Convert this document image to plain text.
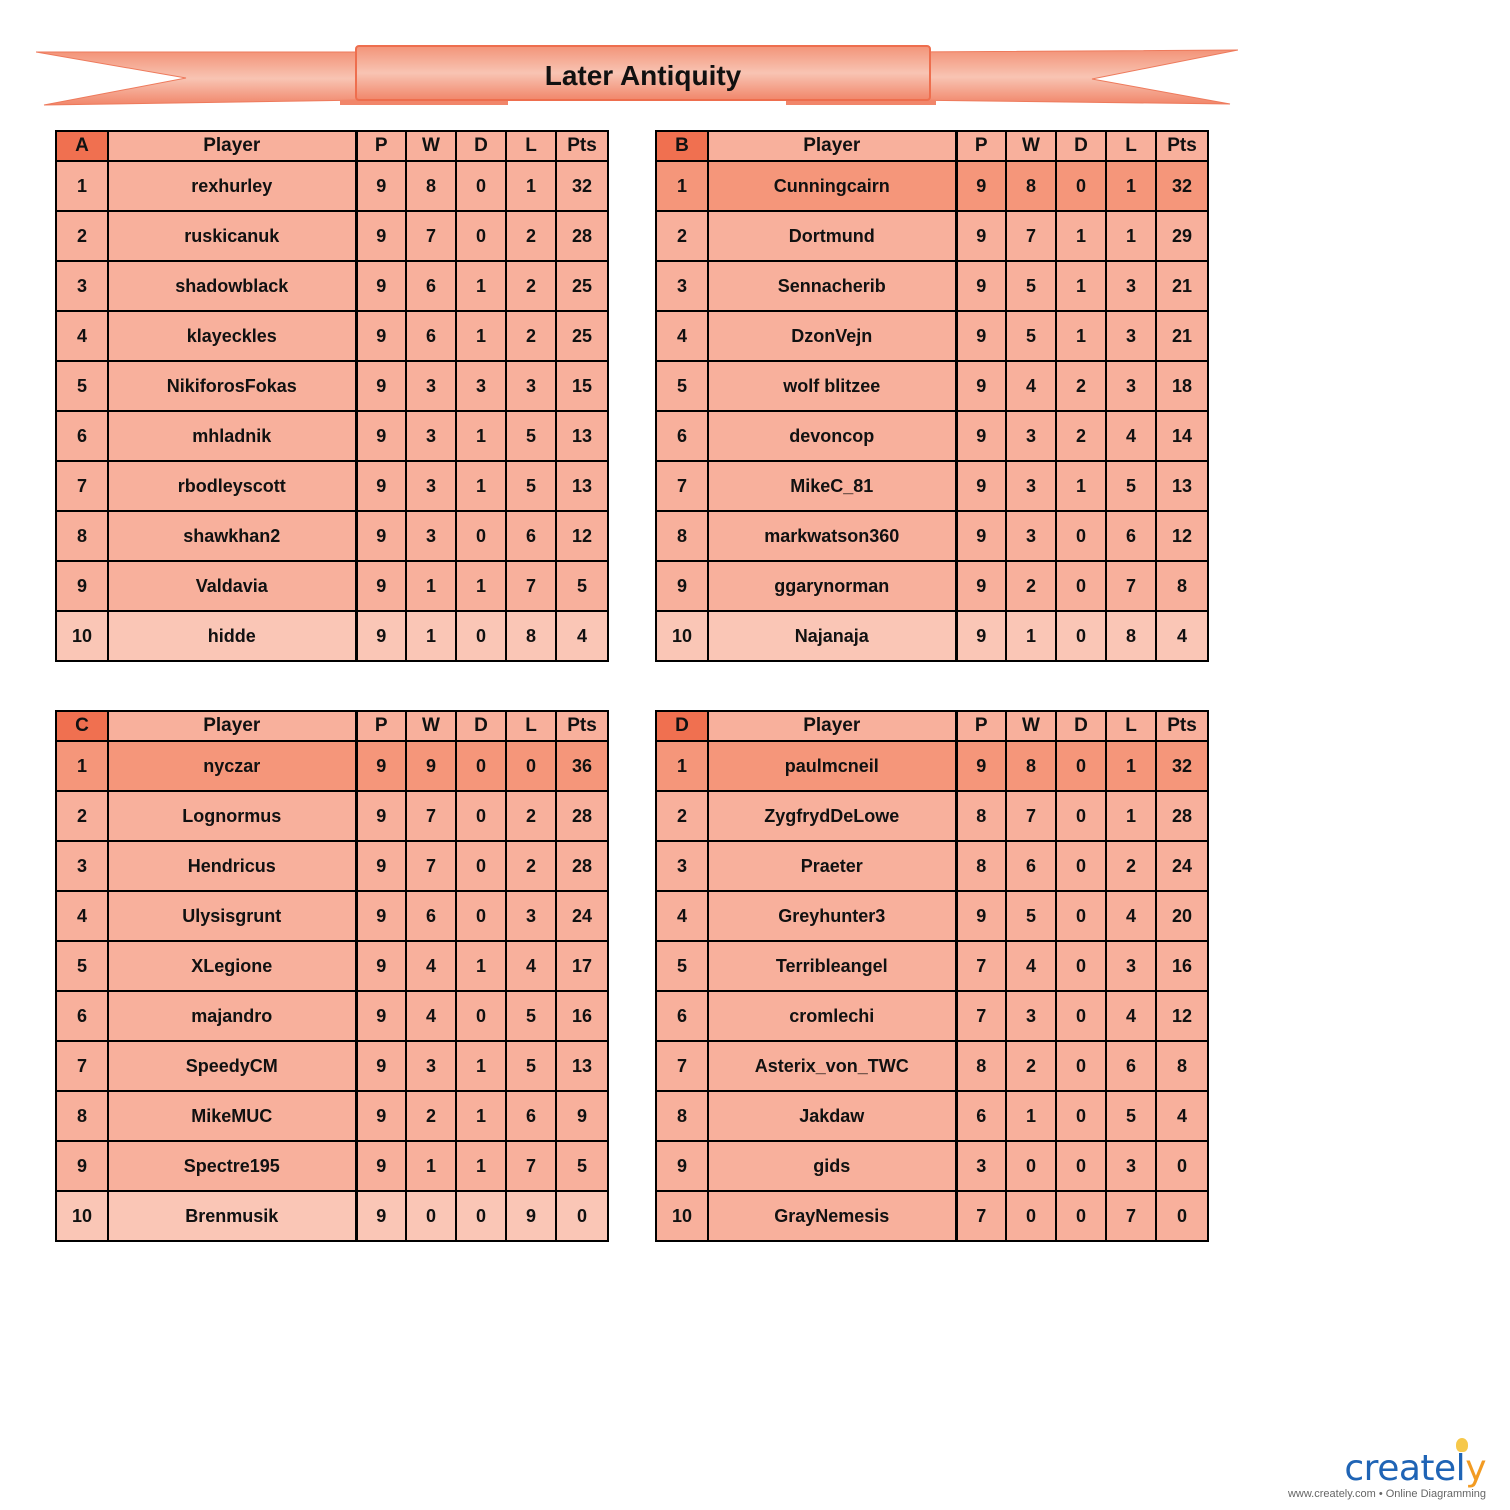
Later Antiquity
A	Player	P	W	D	L	Pts
1	rexhurley	9	8	0	1	32
2	ruskicanuk	9	7	0	2	28
3	shadowblack	9	6	1	2	25
4	klayeckles	9	6	1	2	25
5	NikiforosFokas	9	3	3	3	15
6	mhladnik	9	3	1	5	13
7	rbodleyscott	9	3	1	5	13
8	shawkhan2	9	3	0	6	12
9	Valdavia	9	1	1	7	5
10	hidde	9	1	0	8	4
B	Player	P	W	D	L	Pts
1	Cunningcairn	9	8	0	1	32
2	Dortmund	9	7	1	1	29
3	Sennacherib	9	5	1	3	21
4	DzonVejn	9	5	1	3	21
5	wolf blitzee	9	4	2	3	18
6	devoncop	9	3	2	4	14
7	MikeC_81	9	3	1	5	13
8	markwatson360	9	3	0	6	12
9	ggarynorman	9	2	0	7	8
10	Najanaja	9	1	0	8	4
C	Player	P	W	D	L	Pts
1	nyczar	9	9	0	0	36
2	Lognormus	9	7	0	2	28
3	Hendricus	9	7	0	2	28
4	Ulysisgrunt	9	6	0	3	24
5	XLegione	9	4	1	4	17
6	majandro	9	4	0	5	16
7	SpeedyCM	9	3	1	5	13
8	MikeMUC	9	2	1	6	9
9	Spectre195	9	1	1	7	5
10	Brenmusik	9	0	0	9	0
D	Player	P	W	D	L	Pts
1	paulmcneil	9	8	0	1	32
2	ZygfrydDeLowe	8	7	0	1	28
3	Praeter	8	6	0	2	24
4	Greyhunter3	9	5	0	4	20
5	Terribleangel	7	4	0	3	16
6	cromlechi	7	3	0	4	12
7	Asterix_von_TWC	8	2	0	6	8
8	Jakdaw	6	1	0	5	4
9	gids	3	0	0	3	0
10	GrayNemesis	7	0	0	7	0
creately
www.creately.com • Online Diagramming
